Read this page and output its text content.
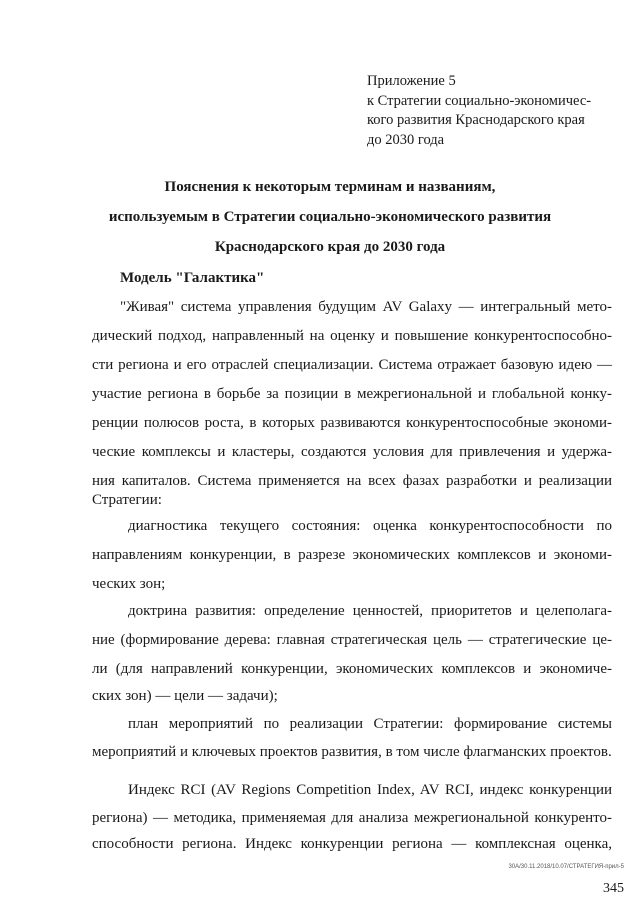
Приложение 5
к Стратегии социально-экономичес-
кого развития Краснодарского края
до 2030 года
Пояснения к некоторым терминам и названиям,
используемым в Стратегии социально-экономического развития
Краснодарского края до 2030 года
Модель "Галактика"
"Живая" система управления будущим AV Galaxy — интегральный мето-
дический подход, направленный на оценку и повышение конкурентоспособно-
сти региона и его отраслей специализации. Система отражает базовую идею —
участие региона в борьбе за позиции в межрегиональной и глобальной конку-
ренции полюсов роста, в которых развиваются конкурентоспособные экономи-
ческие комплексы и кластеры, создаются условия для привлечения и удержа-
ния капиталов. Система применяется на всех фазах разработки и реализации
Стратегии:
диагностика текущего состояния: оценка конкурентоспособности по
направлениям конкуренции, в разрезе экономических комплексов и экономи-
ческих зон;
доктрина развития: определение ценностей, приоритетов и целеполага-
ние (формирование дерева: главная стратегическая цель — стратегические це-
ли (для направлений конкуренции, экономических комплексов и экономиче-
ских зон) — цели — задачи);
план мероприятий по реализации Стратегии: формирование системы
мероприятий и ключевых проектов развития, в том числе флагманских проектов.
Индекс RCI (AV Regions Competition Index, AV RCI, индекс конкуренции
региона) — методика, применяемая для анализа межрегиональной конкуренто-
способности региона. Индекс конкуренции региона — комплексная оценка,
30А/30.11.2018/10.07/СТРАТЕГИЯ-прил-5
345
